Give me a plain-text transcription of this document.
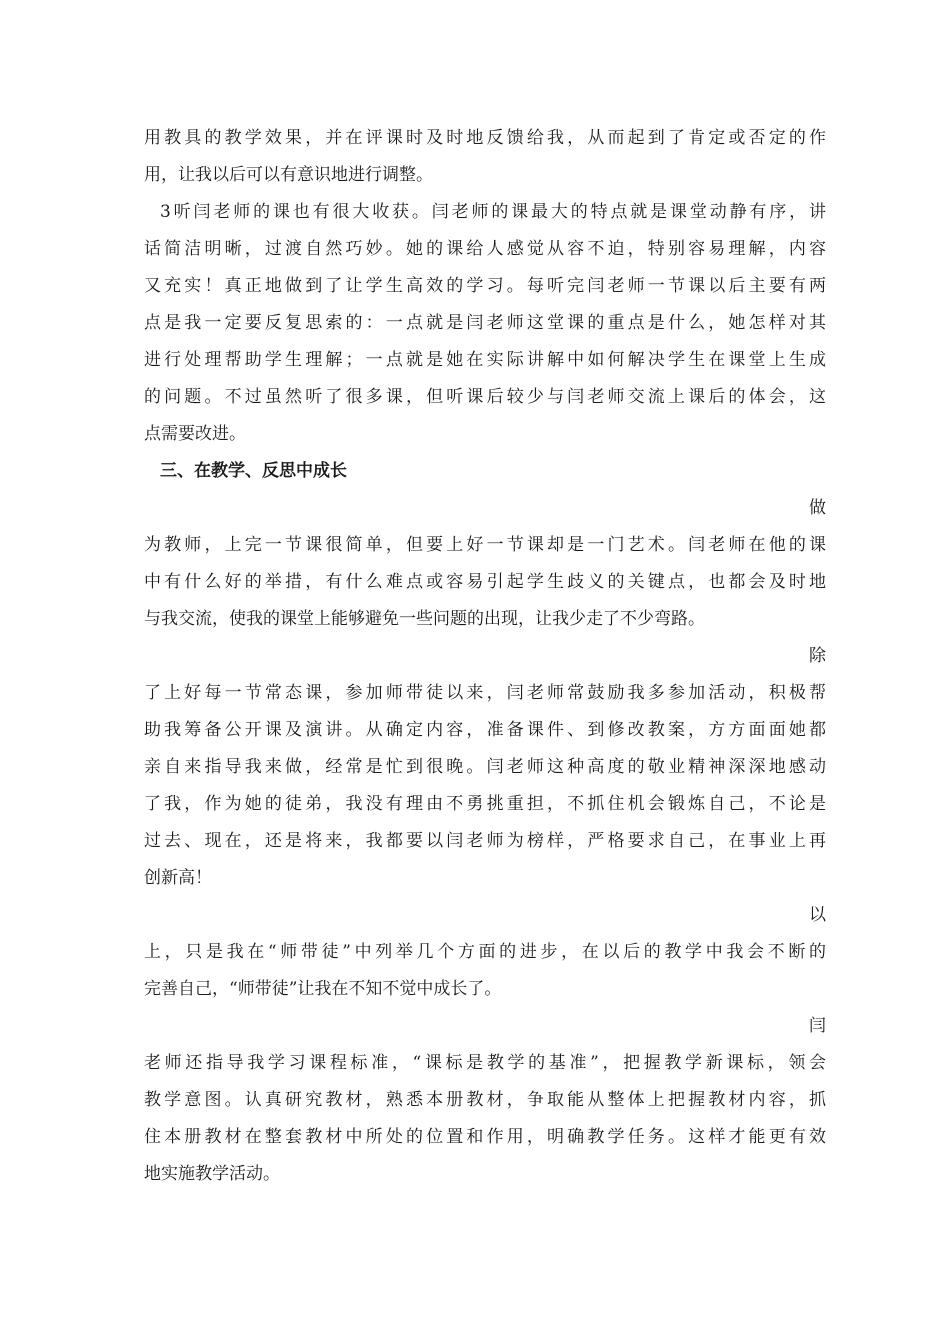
用教具的教学效果，并在评课时及时地反馈给我，从而起到了肯定或否定的作
用，让我以后可以有意识地进行调整。
3听闫老师的课也有很大收获。闫老师的课最大的特点就是课堂动静有序，讲
话简洁明晰，过渡自然巧妙。她的课给人感觉从容不迫，特别容易理解，内容
又充实！真正地做到了让学生高效的学习。每听完闫老师一节课以后主要有两
点是我一定要反复思索的：一点就是闫老师这堂课的重点是什么，她怎样对其
进行处理帮助学生理解；一点就是她在实际讲解中如何解决学生在课堂上生成
的问题。不过虽然听了很多课，但听课后较少与闫老师交流上课后的体会，这
点需要改进。
三、在教学、反思中成长
做
为教师，上完一节课很简单，但要上好一节课却是一门艺术。闫老师在他的课
中有什么好的举措，有什么难点或容易引起学生歧义的关键点，也都会及时地
与我交流，使我的课堂上能够避免一些问题的出现，让我少走了不少弯路。
除
了上好每一节常态课，参加师带徒以来，闫老师常鼓励我多参加活动，积极帮
助我筹备公开课及演讲。从确定内容，准备课件、到修改教案，方方面面她都
亲自来指导我来做，经常是忙到很晚。闫老师这种高度的敬业精神深深地感动
了我，作为她的徒弟，我没有理由不勇挑重担，不抓住机会锻炼自己，不论是
过去、现在，还是将来，我都要以闫老师为榜样，严格要求自己，在事业上再
创新高！
以
上，只是我在“师带徒”中列举几个方面的进步，在以后的教学中我会不断的
完善自己，“师带徒”让我在不知不觉中成长了。
闫
老师还指导我学习课程标准，“课标是教学的基准”，把握教学新课标，领会
教学意图。认真研究教材，熟悉本册教材，争取能从整体上把握教材内容，抓
住本册教材在整套教材中所处的位置和作用，明确教学任务。这样才能更有效
地实施教学活动。
